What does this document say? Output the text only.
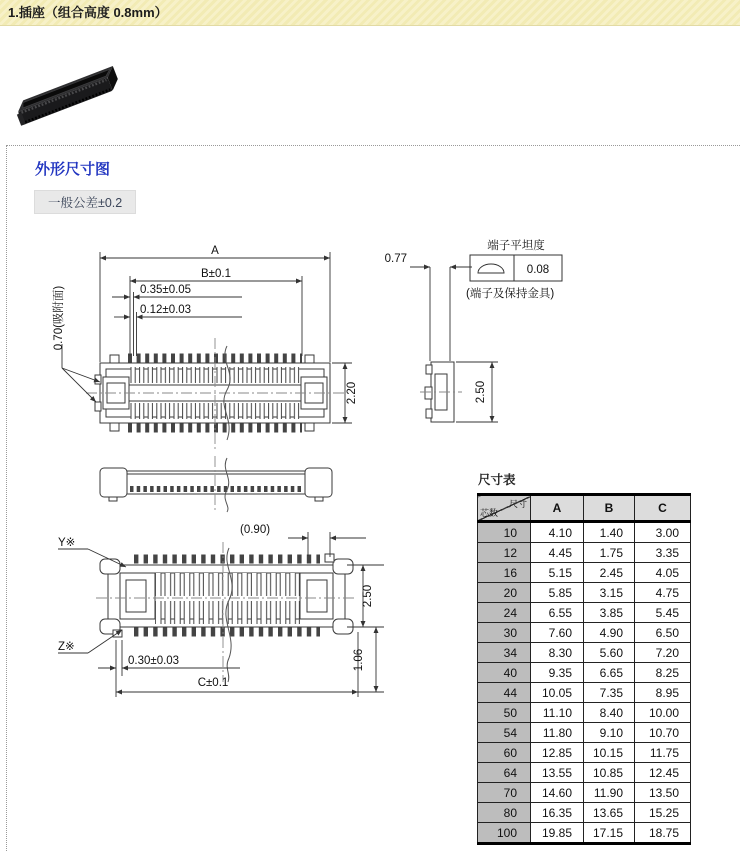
1.插座（组合高度 0.8mm）
外形尺寸图
一般公差±0.2
A
B±0.1
0.35±0.05
0.12±0.03
0.70(吸附面)
2.20
0.77
端子平坦度
0.08
(端子及保持金具)
2.50
Y※
Z※
(0.90)
2.50
1.06
0.30±0.03
C±0.1
尺寸表
尺寸
芯数	A	B	C
10	4.10	1.40	3.00
12	4.45	1.75	3.35
16	5.15	2.45	4.05
20	5.85	3.15	4.75
24	6.55	3.85	5.45
30	7.60	4.90	6.50
34	8.30	5.60	7.20
40	9.35	6.65	8.25
44	10.05	7.35	8.95
50	11.10	8.40	10.00
54	11.80	9.10	10.70
60	12.85	10.15	11.75
64	13.55	10.85	12.45
70	14.60	11.90	13.50
80	16.35	13.65	15.25
100	19.85	17.15	18.75
